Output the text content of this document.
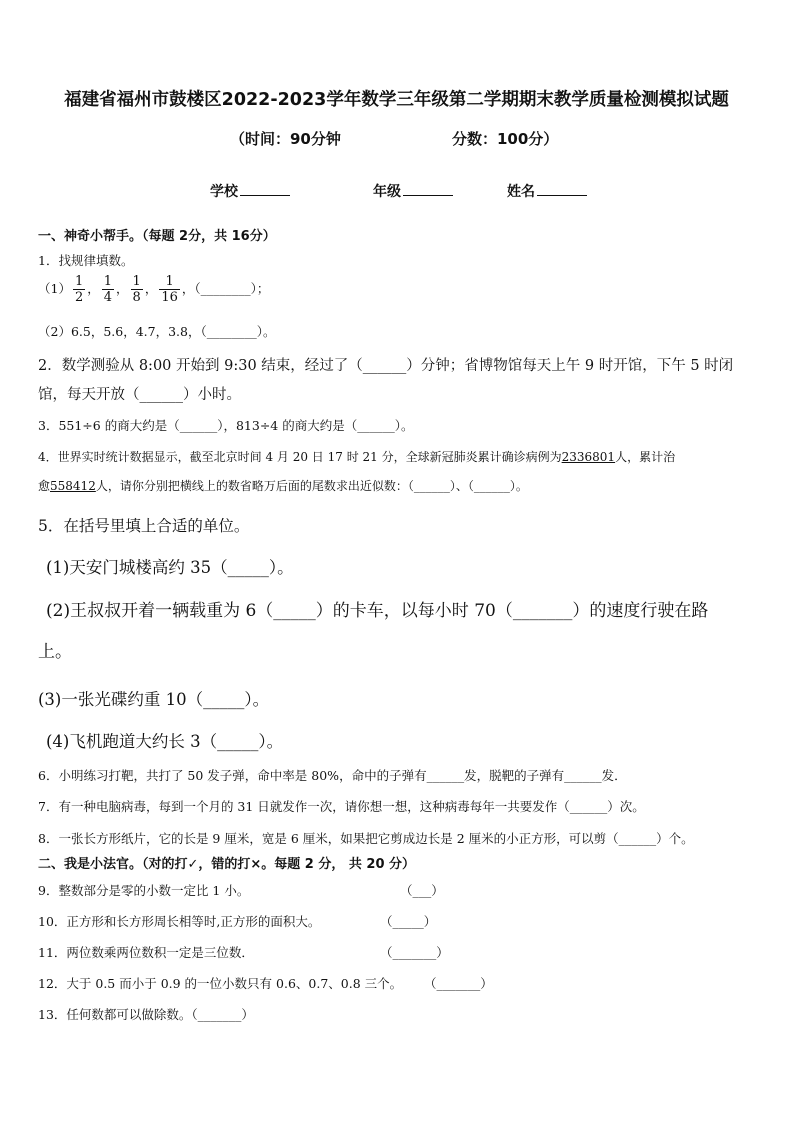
福建省福州市鼓楼区2022-2023学年数学三年级第二学期期末教学质量检测模拟试题
（时间：90分钟	分数：100分）
学校	年级	姓名
一、神奇小帮手。（每题 2分，共 16分）
1．找规律填数。
$(1) \frac{1}{2}$ ， $\frac{1}{4}$ ， $\frac{1}{8}$ ， $\frac{1}{16}$ ，（________）；
（2）6.5，5.6，4.7，3.8，（________）。
2．数学测验从 8:00 开始到 9:30 结束，经过了（______）分钟；省博物馆每天上午 9 时开馆，下午 5 时闭
馆，每天开放（______）小时。
3．551÷6 的商大约是（______），813÷4 的商大约是（______）。
4．世界实时统计数据显示，截至北京时间 4 月 20 日 17 时 21 分，全球新冠肺炎累计确诊病例为2336801人，累计治
愈558412人，请你分别把横线上的数省略万后面的尾数求出近似数：（______）、（______）。
5．在括号里填上合适的单位。
(1)天安门城楼高约 35（_____）。
(2)王叔叔开着一辆载重为 6（_____）的卡车，以每小时 70（_______）的速度行驶在路
上。
(3)一张光碟约重 10（_____）。
(4)飞机跑道大约长 3（_____）。
6．小明练习打靶，共打了 50 发子弹，命中率是 80%，命中的子弹有______发，脱靶的子弹有______发．
7．有一种电脑病毒，每到一个月的 31 日就发作一次，请你想一想，这种病毒每年一共要发作（______）次。
8．一张长方形纸片，它的长是 9 厘米，宽是 6 厘米，如果把它剪成边长是 2 厘米的小正方形，可以剪（______）个。
二、我是小法官。（对的打✓，错的打×。每题 2 分， 共 20 分）
9．整数部分是零的小数一定比 1 小。	（___）
10．正方形和长方形周长相等时,正方形的面积大。	（_____）
11．两位数乘两位数积一定是三位数．	（_______）
12．大于 0.5 而小于 0.9 的一位小数只有 0.6、0.7、0.8 三个。 （_______）
13．任何数都可以做除数。（_______）
